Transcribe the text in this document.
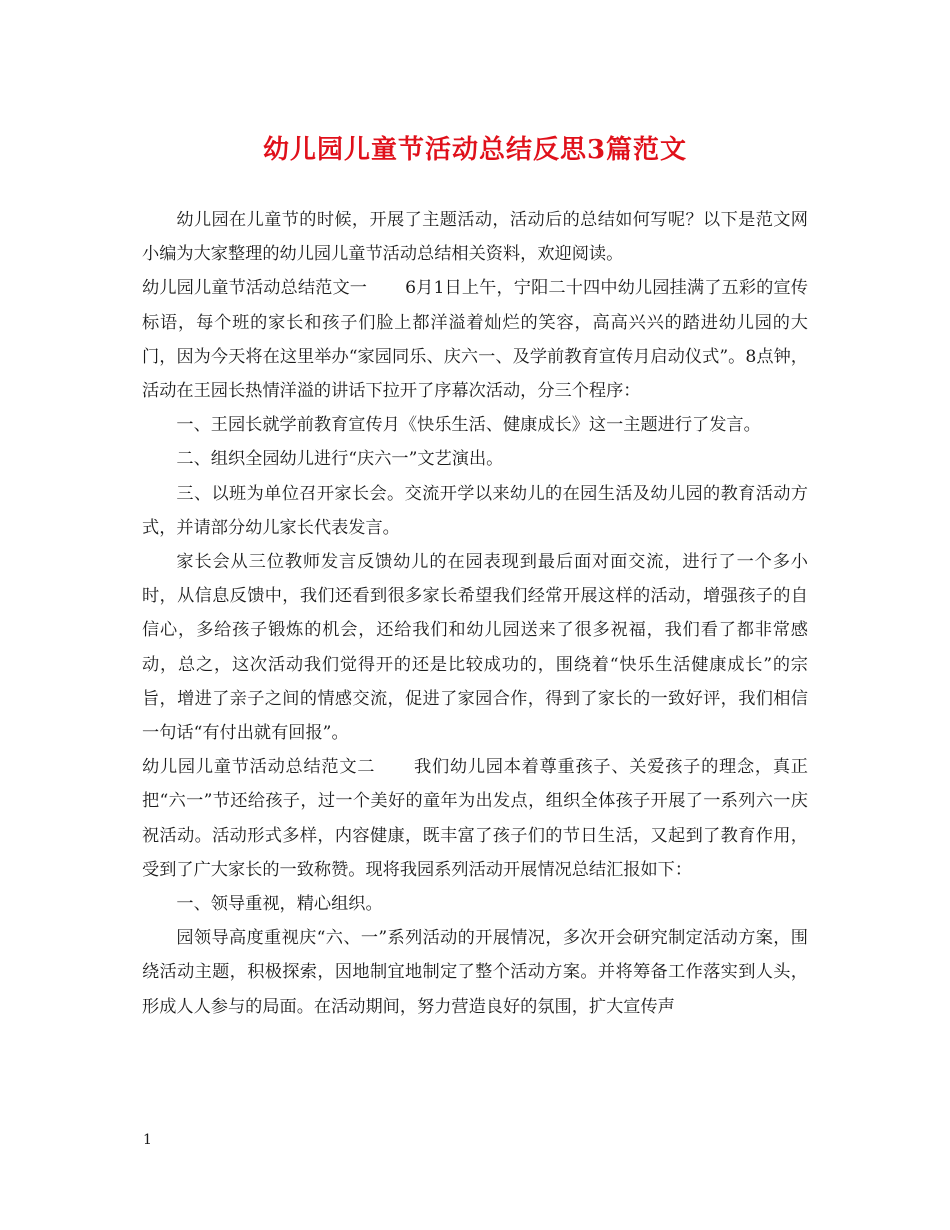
幼儿园儿童节活动总结反思3篇范文

幼儿园在儿童节的时候，开展了主题活动，活动后的总结如何写呢？以下是范文网小编为大家整理的幼儿园儿童节活动总结相关资料，欢迎阅读。

幼儿园儿童节活动总结范文一 6月1日上午，宁阳二十四中幼儿园挂满了五彩的宣传标语，每个班的家长和孩子们脸上都洋溢着灿烂的笑容，高高兴兴的踏进幼儿园的大门，因为今天将在这里举办“家园同乐、庆六一、及学前教育宣传月启动仪式”。8点钟，活动在王园长热情洋溢的讲话下拉开了序幕次活动，分三个程序：

一、王园长就学前教育宣传月《快乐生活、健康成长》这一主题进行了发言。

二、组织全园幼儿进行“庆六一”文艺演出。

三、以班为单位召开家长会。交流开学以来幼儿的在园生活及幼儿园的教育活动方式，并请部分幼儿家长代表发言。

家长会从三位教师发言反馈幼儿的在园表现到最后面对面交流，进行了一个多小时，从信息反馈中，我们还看到很多家长希望我们经常开展这样的活动，增强孩子的自信心，多给孩子锻炼的机会，还给我们和幼儿园送来了很多祝福，我们看了都非常感动，总之，这次活动我们觉得开的还是比较成功的，围绕着“快乐生活健康成长”的宗旨，增进了亲子之间的情感交流，促进了家园合作，得到了家长的一致好评，我们相信一句话“有付出就有回报”。

幼儿园儿童节活动总结范文二 我们幼儿园本着尊重孩子、关爱孩子的理念，真正把“六一”节还给孩子，过一个美好的童年为出发点，组织全体孩子开展了一系列六一庆祝活动。活动形式多样，内容健康，既丰富了孩子们的节日生活，又起到了教育作用，受到了广大家长的一致称赞。现将我园系列活动开展情况总结汇报如下：

一、领导重视，精心组织。

园领导高度重视庆“六、一”系列活动的开展情况，多次开会研究制定活动方案，围绕活动主题，积极探索，因地制宜地制定了整个活动方案。并将筹备工作落实到人头，形成人人参与的局面。在活动期间，努力营造良好的氛围，扩大宣传声

1
